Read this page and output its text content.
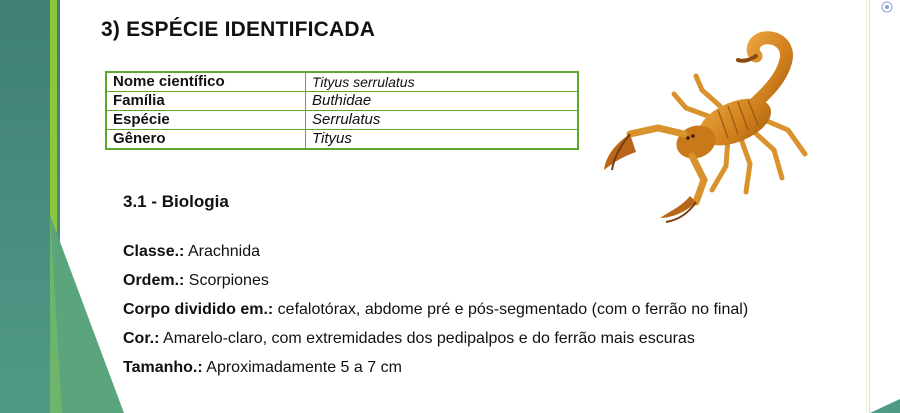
3) ESPÉCIE IDENTIFICADA
Nome científico	Tityus serrulatus
Família	Buthidae
Espécie	Serrulatus
Gênero	Tityus
3.1 - Biologia
Classe.: Arachnida
Ordem.: Scorpiones
Corpo dividido em.: cefalotórax, abdome pré e pós-segmentado (com o ferrão no final)
Cor.: Amarelo-claro, com extremidades dos pedipalpos e do ferrão mais escuras
Tamanho.: Aproximadamente 5 a 7 cm
